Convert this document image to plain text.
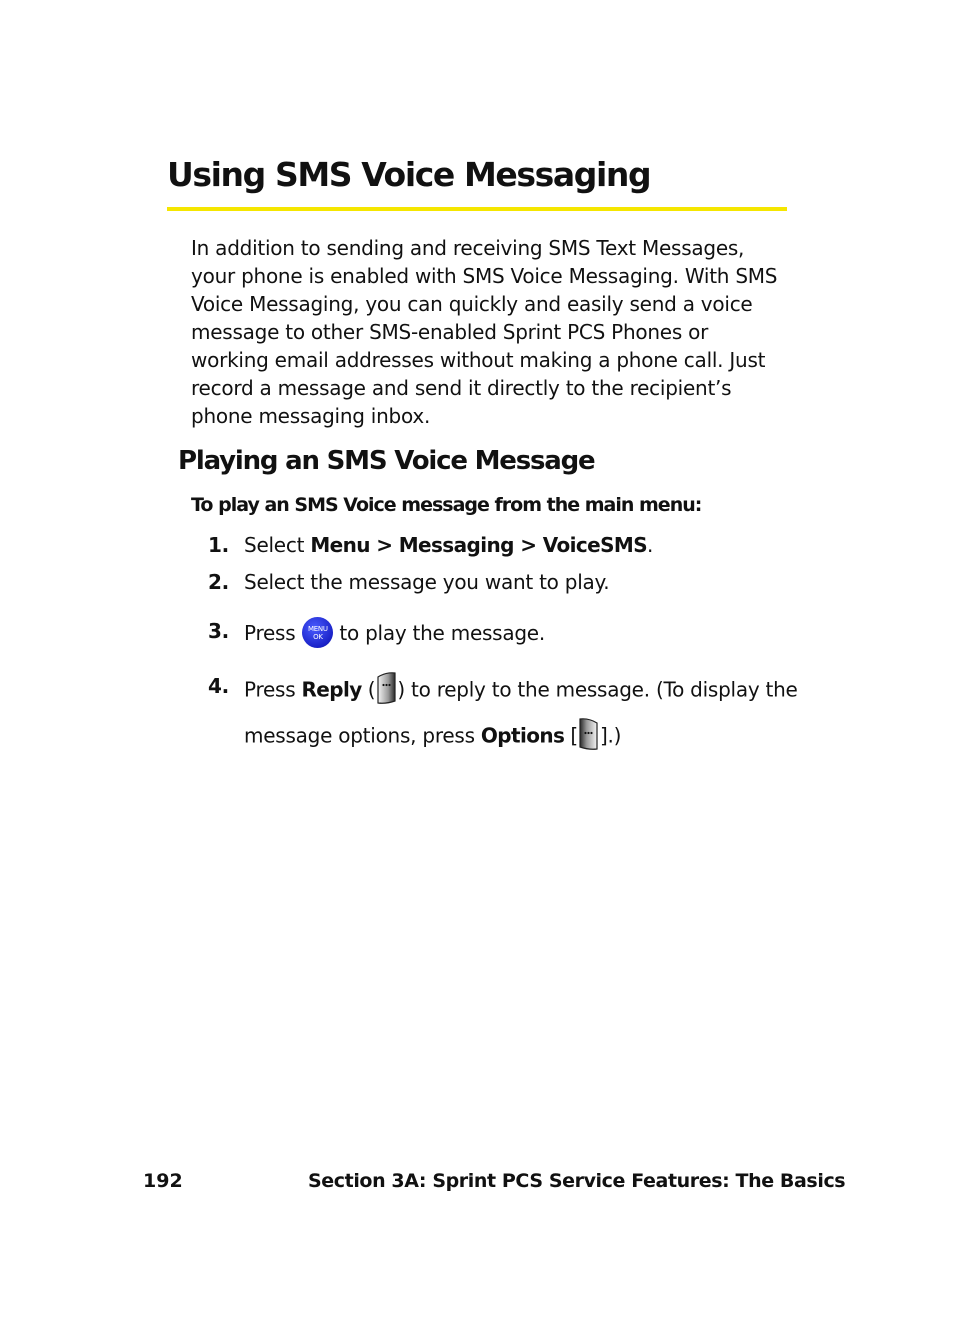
Using SMS Voice Messaging

In addition to sending and receiving SMS Text Messages, your phone is enabled with SMS Voice Messaging. With SMS Voice Messaging, you can quickly and easily send a voice message to other SMS-enabled Sprint PCS Phones or working email addresses without making a phone call. Just record a message and send it directly to the recipient’s phone messaging inbox.

Playing an SMS Voice Message

To play an SMS Voice message from the main menu:

1. Select Menu > Messaging > VoiceSMS.
2. Select the message you want to play.
3. Press	MENU
OK to play the message.
4. Press Reply ( ) to reply to the message. (To display the
message options, press Options [ ].)
192	Section 3A: Sprint PCS Service Features: The Basics
